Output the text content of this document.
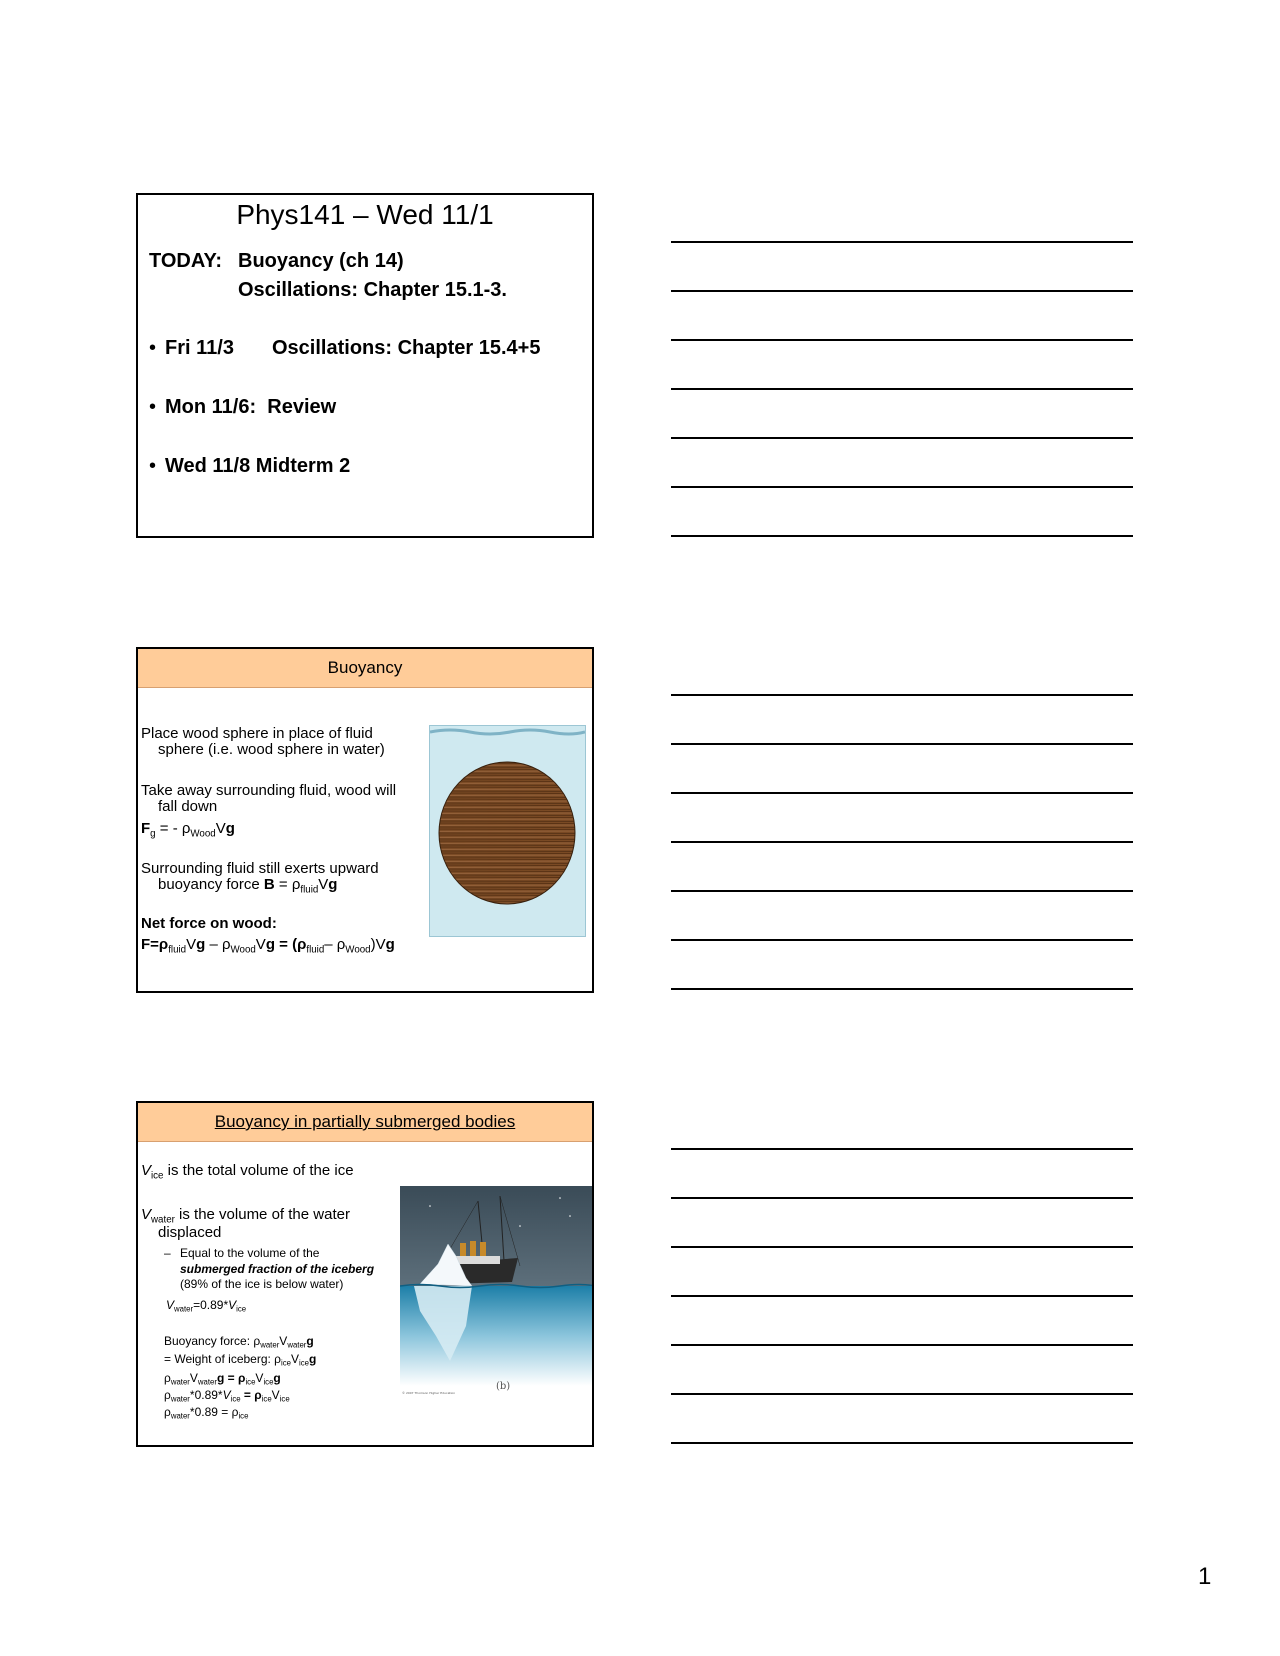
Phys141 – Wed 11/1
TODAY: Buoyancy (ch 14)
Oscillations: Chapter 15.1-3.
• Fri 11/3 Oscillations: Chapter 15.4+5
• Mon 11/6: Review
• Wed 11/8 Midterm 2
Buoyancy
Place wood sphere in place of fluid
sphere (i.e. wood sphere in water)
Take away surrounding fluid, wood will
fall down
$F_g$ = - $\rho_{Wood}Vg$
Surrounding fluid still exerts upward
buoyancy force $B = \rho_{fluid}Vg$
Net force on wood:
$F=\rho_{fluid}Vg - \rho_{Wood}Vg = (\rho_{fluid}-$ $\rho_{Wood})Vg$
Buoyancy in partially submerged bodies
$V_{ice}$ is the total volume of the ice
$V_{water}$ is the volume of the water
displaced
– Equal to the volume of the
submerged fraction of the iceberg
(89% of the ice is below water)
$V_{water}=0.89*V_{ice}$
Buoyancy force: $\rho_{water}V_{water}g$
= Weight of iceberg: $\rho_{ice}V_{ice}g$
$\rho_{water}V_{water}g = \rho_{ice}V_{ice}g$
$\rho_{water}*0.89*V_{ice} = \rho_{ice}V_{ice}$
$\rho_{water}*0.89 = \rho_{ice}$
(b)
© 2007 Thomson Higher Education
1
